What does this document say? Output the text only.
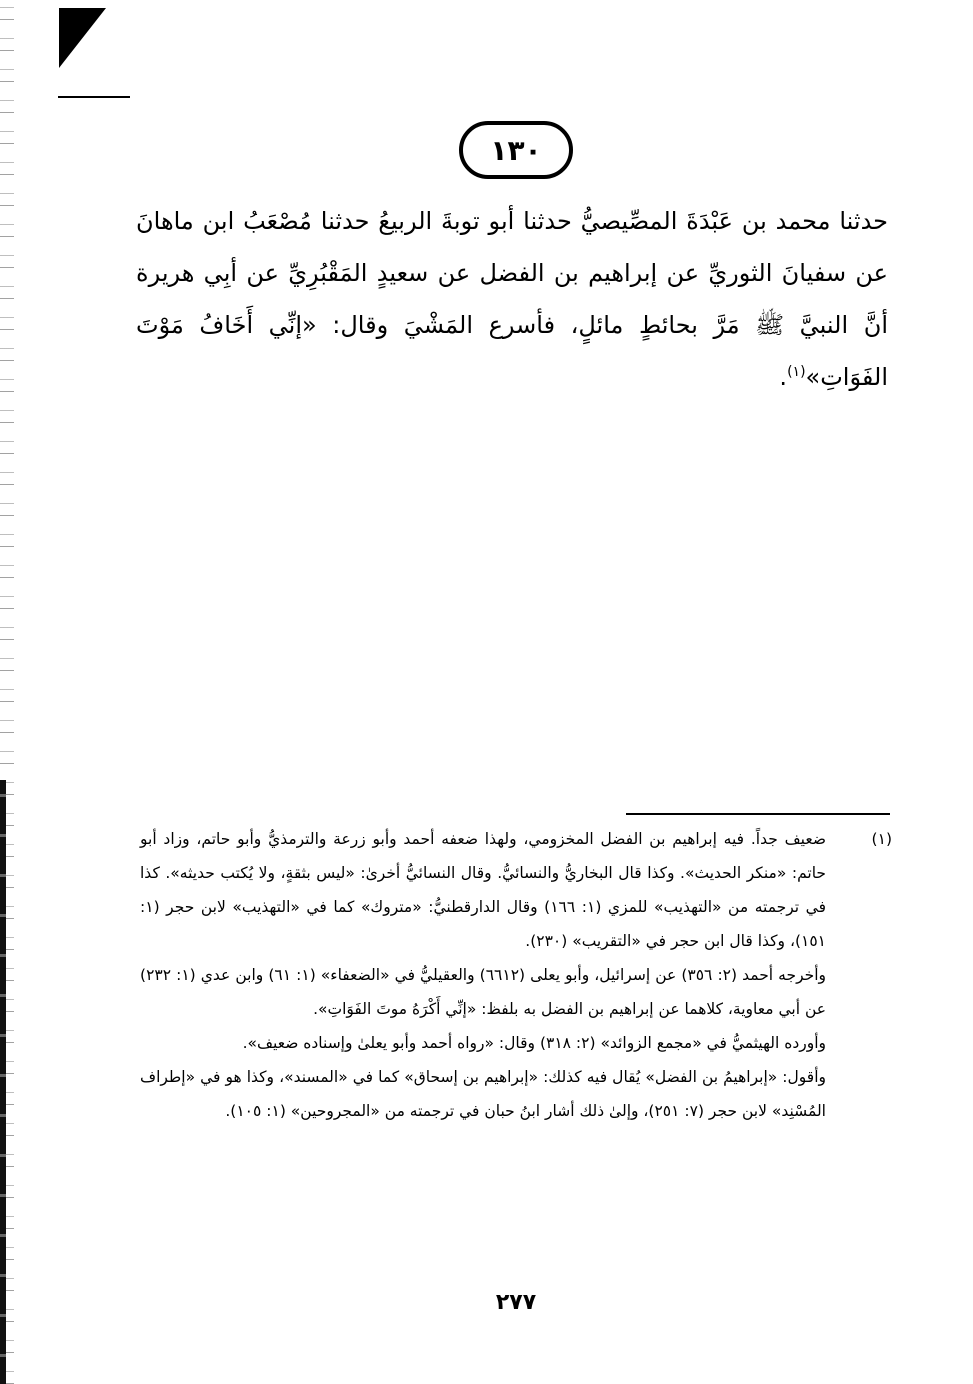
١٣٠
حدثنا محمد بن عَبْدَةَ المصِّيصيُّ حدثنا أبو توبةَ الربيعُ حدثنا مُصْعَبُ ابن ماهانَ عن سفيانَ الثوريِّ عن إبراهيم بن الفضل عن سعيدٍ المَقْبُرِيِّ عن أبِي هريرة أنَّ النبيَّ ﷺ مَرَّ بحائطٍ مائلٍ، فأسرع المَشْيَ وقال: «إنِّي أَخَافُ مَوْتَ الفَوَاتِ»$^{(١)}$.
(١)

ضعيف جداً. فيه إبراهيم بن الفضل المخزومي، ولهذا ضعفه أحمد وأبو زرعة والترمذيُّ وأبو حاتم، وزاد أبو حاتم: «منكر الحديث». وكذا قال البخاريُّ والنسائيُّ. وقال النسائيُّ أخرىٰ: «ليس بثقةٍ، ولا يُكتب حديثه». كذا في ترجمته من «التهذيب» للمزي (١: ١٦٦) وقال الدارقطنيُّ: «متروك» كما في «التهذيب» لابن حجر (١: ١٥١)، وكذا قال ابن حجر في «التقريب» (٢٣٠).

وأخرجه أحمد (٢: ٣٥٦) عن إسرائيل، وأبو يعلى (٦٦١٢) والعقيليُّ في «الضعفاء» (١: ٦١) وابن عدي (١: ٢٣٢) عن أبي معاوية، كلاهما عن إبراهيم بن الفضل به بلفظ: «إنِّي أَكْرَهُ موتَ الفَوَاتِ».

وأورده الهيثميُّ في «مجمع الزوائد» (٢: ٣١٨) وقال: «رواه أحمد وأبو يعلىٰ وإسناده ضعيف».

وأقول: «إبراهيمُ بن الفضل» يُقال فيه كذلك: «إبراهيم بن إسحاق» كما في «المسند»، وكذا هو في «إطراف المُسْنِد» لابن حجر (٧: ٢٥١)، وإلىٰ ذلك أشار ابنُ حبان في ترجمته من «المجروحين» (١: ١٠٥).

٢٧٧
